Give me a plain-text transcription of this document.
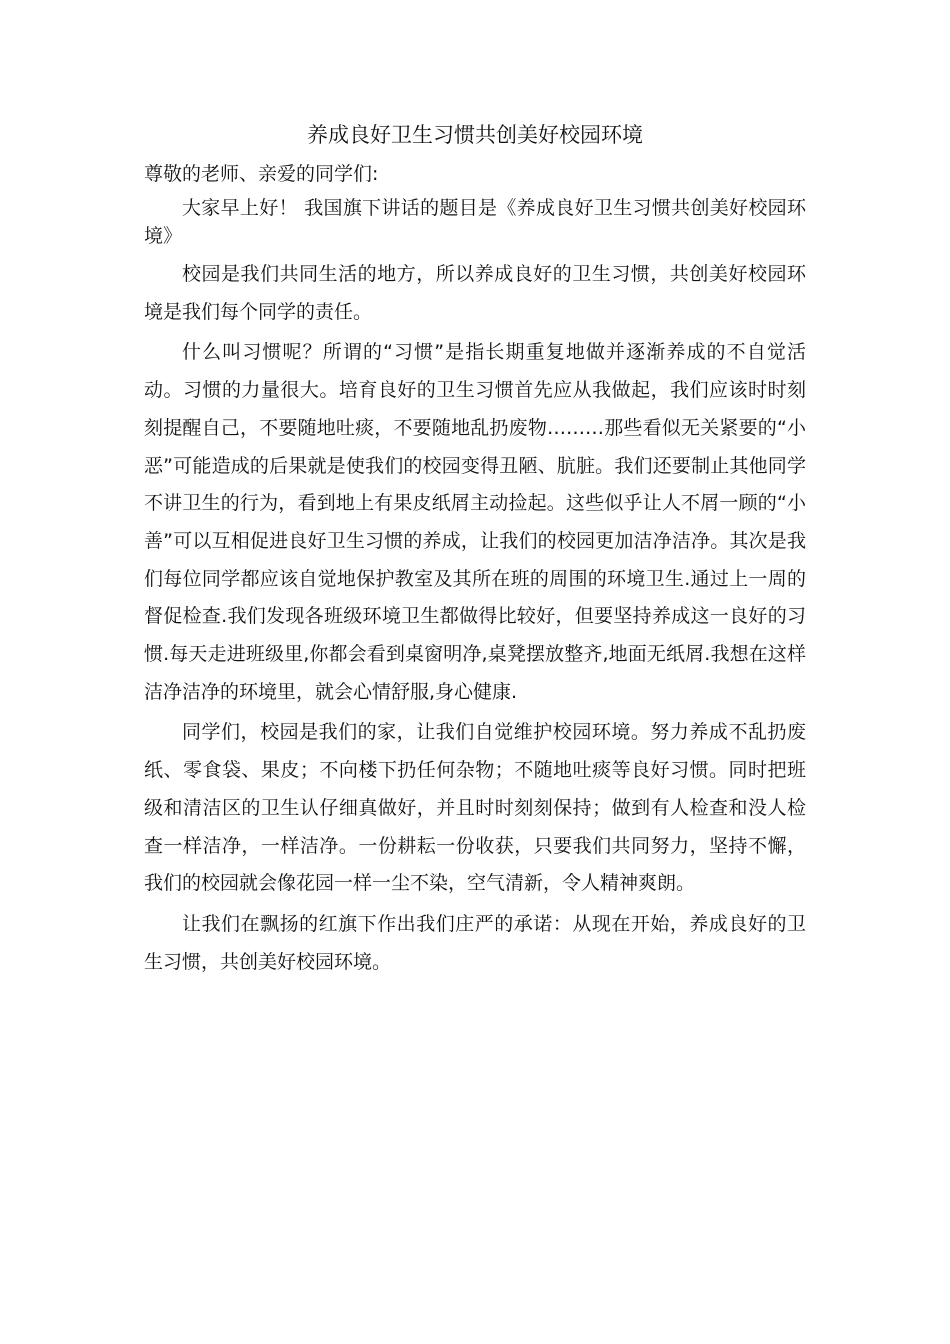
养成良好卫生习惯共创美好校园环境

尊敬的老师、亲爱的同学们:

大家早上好！ 我国旗下讲话的题目是《养成良好卫生习惯共创美好校园环境》

校园是我们共同生活的地方，所以养成良好的卫生习惯，共创美好校园环境是我们每个同学的责任。

什么叫习惯呢？所谓的“习惯”是指长期重复地做并逐渐养成的不自觉活动。习惯的力量很大。培育良好的卫生习惯首先应从我做起，我们应该时时刻刻提醒自己，不要随地吐痰，不要随地乱扔废物………那些看似无关紧要的“小恶”可能造成的后果就是使我们的校园变得丑陋、肮脏。我们还要制止其他同学不讲卫生的行为，看到地上有果皮纸屑主动捡起。这些似乎让人不屑一顾的“小善”可以互相促进良好卫生习惯的养成，让我们的校园更加洁净洁净。其次是我们每位同学都应该自觉地保护教室及其所在班的周围的环境卫生.通过上一周的督促检查.我们发现各班级环境卫生都做得比较好，但要坚持养成这一良好的习惯.每天走进班级里,你都会看到桌窗明净,桌凳摆放整齐,地面无纸屑.我想在这样洁净洁净的环境里，就会心情舒服,身心健康.

同学们，校园是我们的家，让我们自觉维护校园环境。努力养成不乱扔废纸、零食袋、果皮；不向楼下扔任何杂物；不随地吐痰等良好习惯。同时把班级和清洁区的卫生认仔细真做好，并且时时刻刻保持；做到有人检查和没人检查一样洁净，一样洁净。一份耕耘一份收获，只要我们共同努力，坚持不懈，我们的校园就会像花园一样一尘不染，空气清新，令人精神爽朗。

让我们在飘扬的红旗下作出我们庄严的承诺：从现在开始，养成良好的卫生习惯，共创美好校园环境。
